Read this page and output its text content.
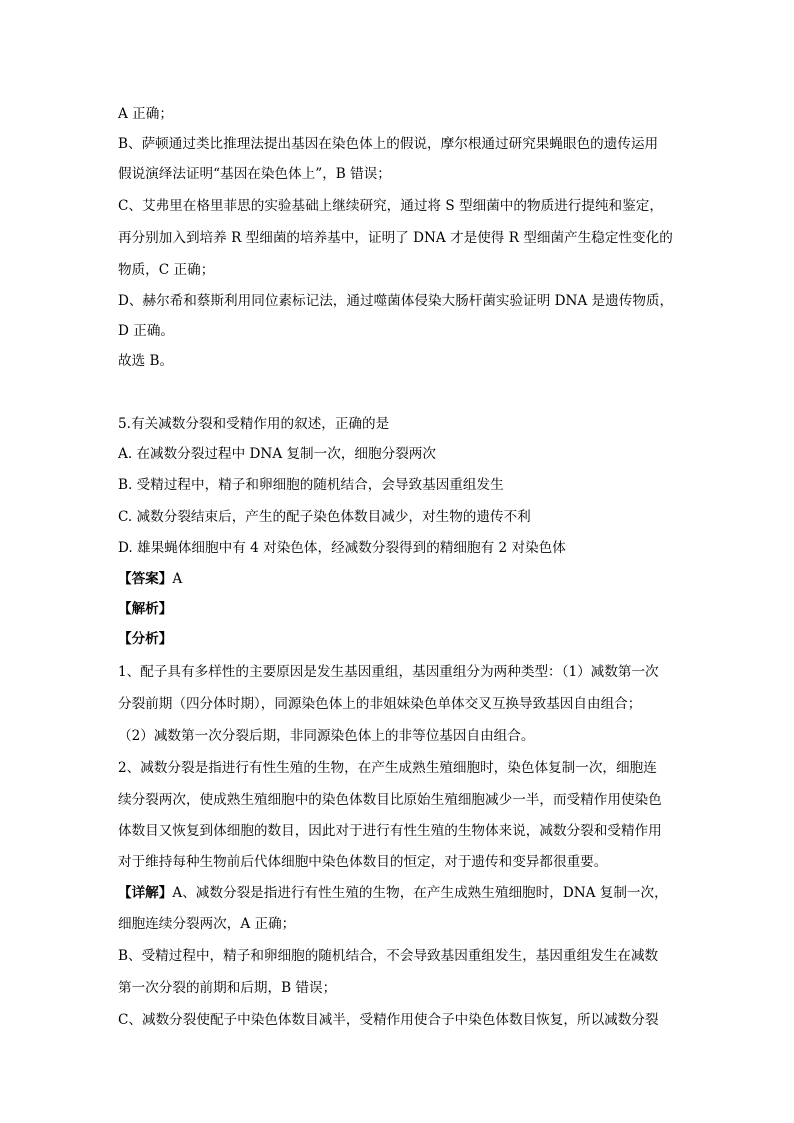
A 正确；
B、萨顿通过类比推理法提出基因在染色体上的假说，摩尔根通过研究果蝇眼色的遗传运用
假说演绎法证明“基因在染色体上”，B 错误；
C、艾弗里在格里菲思的实验基础上继续研究，通过将 S 型细菌中的物质进行提纯和鉴定，
再分别加入到培养 R 型细菌的培养基中，证明了 DNA 才是使得 R 型细菌产生稳定性变化的
物质，C 正确；
D、赫尔希和蔡斯利用同位素标记法，通过噬菌体侵染大肠杆菌实验证明 DNA 是遗传物质，
D 正确。
故选 B。
5.有关减数分裂和受精作用的叙述，正确的是
A. 在减数分裂过程中 DNA 复制一次，细胞分裂两次
B. 受精过程中，精子和卵细胞的随机结合，会导致基因重组发生
C. 减数分裂结束后，产生的配子染色体数目减少，对生物的遗传不利
D. 雄果蝇体细胞中有 4 对染色体，经减数分裂得到的精细胞有 2 对染色体
【答案】A
【解析】
【分析】
1、配子具有多样性的主要原因是发生基因重组，基因重组分为两种类型：（1）减数第一次
分裂前期（四分体时期），同源染色体上的非姐妹染色单体交叉互换导致基因自由组合；
（2）减数第一次分裂后期，非同源染色体上的非等位基因自由组合。
2、减数分裂是指进行有性生殖的生物，在产生成熟生殖细胞时，染色体复制一次，细胞连
续分裂两次，使成熟生殖细胞中的染色体数目比原始生殖细胞减少一半，而受精作用使染色
体数目又恢复到体细胞的数目，因此对于进行有性生殖的生物体来说，减数分裂和受精作用
对于维持每种生物前后代体细胞中染色体数目的恒定，对于遗传和变异都很重要。
【详解】A、减数分裂是指进行有性生殖的生物，在产生成熟生殖细胞时，DNA 复制一次，
细胞连续分裂两次，A 正确；
B、受精过程中，精子和卵细胞的随机结合，不会导致基因重组发生，基因重组发生在减数
第一次分裂的前期和后期，B 错误；
C、减数分裂使配子中染色体数目减半，受精作用使合子中染色体数目恢复，所以减数分裂
